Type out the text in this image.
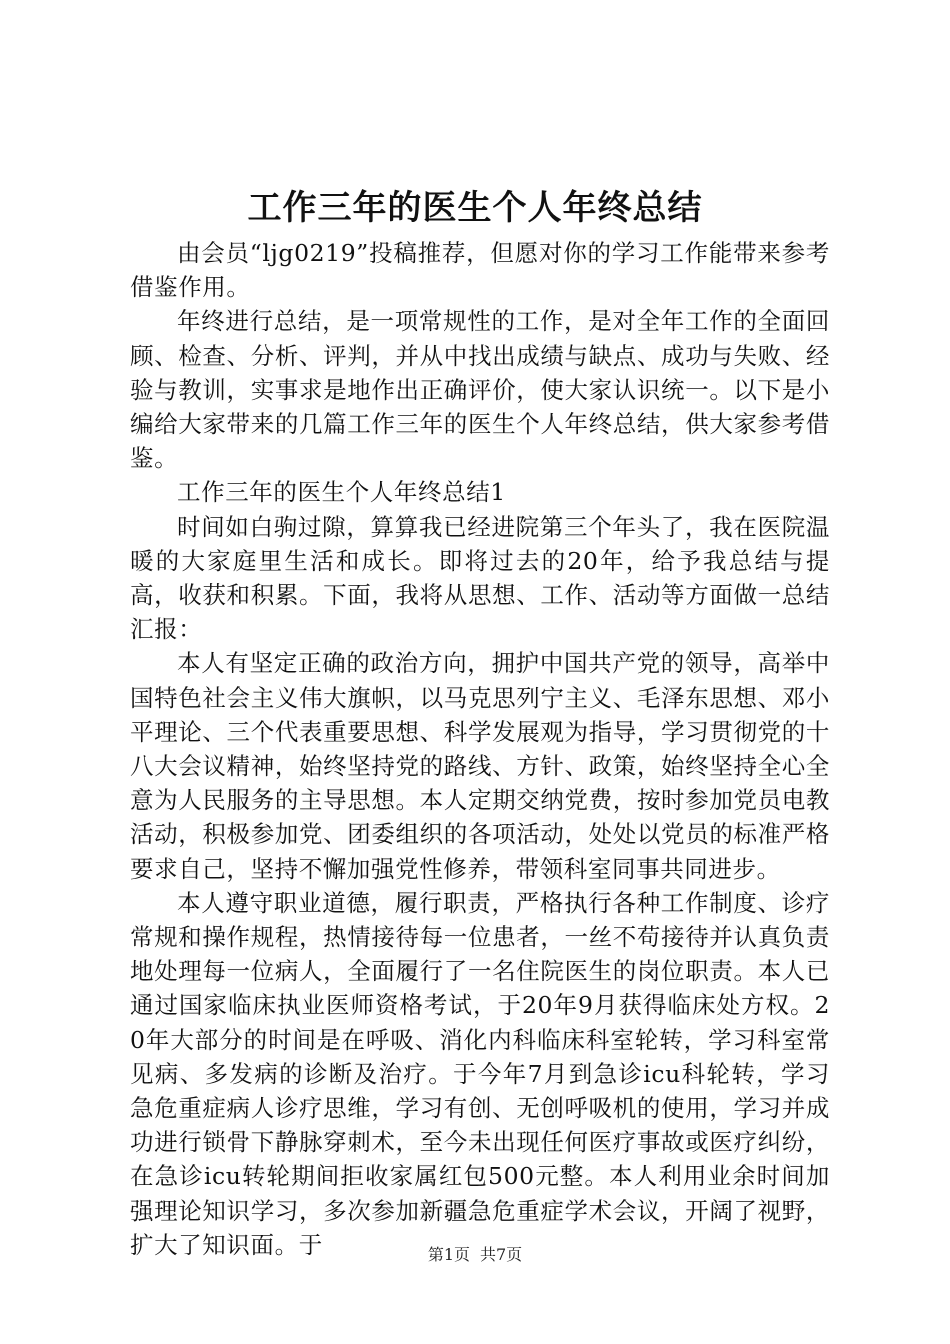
工作三年的医生个人年终总结

由会员“ljg0219”投稿推荐，但愿对你的学习工作能带来参考借鉴作用。

年终进行总结，是一项常规性的工作，是对全年工作的全面回顾、检查、分析、评判，并从中找出成绩与缺点、成功与失败、经验与教训，实事求是地作出正确评价，使大家认识统一。以下是小编给大家带来的几篇工作三年的医生个人年终总结，供大家参考借鉴。

工作三年的医生个人年终总结1

时间如白驹过隙，算算我已经进院第三个年头了，我在医院温暖的大家庭里生活和成长。即将过去的20年，给予我总结与提高，收获和积累。下面，我将从思想、工作、活动等方面做一总结汇报：

本人有坚定正确的政治方向，拥护中国共产党的领导，高举中国特色社会主义伟大旗帜，以马克思列宁主义、毛泽东思想、邓小平理论、三个代表重要思想、科学发展观为指导，学习贯彻党的十八大会议精神，始终坚持党的路线、方针、政策，始终坚持全心全意为人民服务的主导思想。本人定期交纳党费，按时参加党员电教活动，积极参加党、团委组织的各项活动，处处以党员的标准严格要求自己，坚持不懈加强党性修养，带领科室同事共同进步。

本人遵守职业道德，履行职责，严格执行各种工作制度、诊疗常规和操作规程，热情接待每一位患者，一丝不苟接待并认真负责地处理每一位病人，全面履行了一名住院医生的岗位职责。本人已通过国家临床执业医师资格考试，于20年9月获得临床处方权。20年大部分的时间是在呼吸、消化内科临床科室轮转，学习科室常见病、多发病的诊断及治疗。于今年7月到急诊icu科轮转，学习急危重症病人诊疗思维，学习有创、无创呼吸机的使用，学习并成功进行锁骨下静脉穿刺术，至今未出现任何医疗事故或医疗纠纷，在急诊icu转轮期间拒收家属红包500元整。本人利用业余时间加强理论知识学习，多次参加新疆急危重症学术会议，开阔了视野，扩大了知识面。于	第1页 共7页
